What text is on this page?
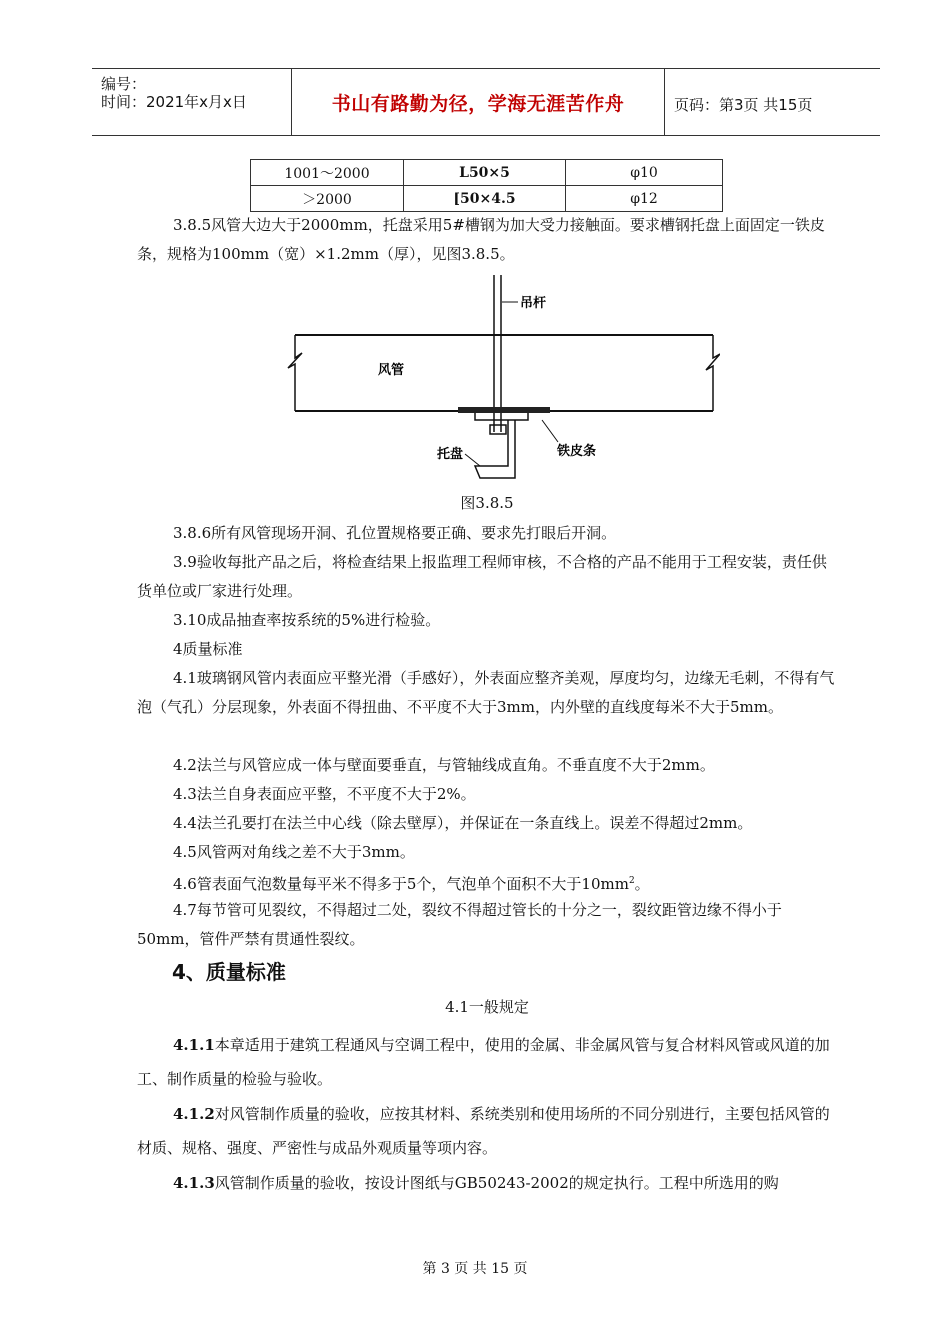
编号：
时间：2021年x月x日	书山有路勤为径，学海无涯苦作舟	页码：第3页 共15页
1001～2000	L50×5	φ10
＞2000	[50×4.5	φ12
3.8.5风管大边大于2000mm，托盘采用5#槽钢为加大受力接触面。要求槽钢托盘上面固定一铁皮条，规格为100mm（宽）×1.2mm（厚），见图3.8.5。
吊杆
风管
托盘	铁皮条
图3.8.5
3.8.6所有风管现场开洞、孔位置规格要正确、要求先打眼后开洞。
3.9验收每批产品之后，将检查结果上报监理工程师审核，不合格的产品不能用于工程安装，责任供货单位或厂家进行处理。
3.10成品抽查率按系统的5%进行检验。
4质量标准
4.1玻璃钢风管内表面应平整光滑（手感好），外表面应整齐美观，厚度均匀，边缘无毛刺，不得有气泡（气孔）分层现象，外表面不得扭曲、不平度不大于3mm，内外壁的直线度每米不大于5mm。
4.2法兰与风管应成一体与壁面要垂直，与管轴线成直角。不垂直度不大于2mm。
4.3法兰自身表面应平整，不平度不大于2%。
4.4法兰孔要打在法兰中心线（除去壁厚），并保证在一条直线上。误差不得超过2mm。
4.5风管两对角线之差不大于3mm。
4.6管表面气泡数量每平米不得多于5个，气泡单个面积不大于$10mm^2$。
4.7每节管可见裂纹，不得超过二处，裂纹不得超过管长的十分之一，裂纹距管边缘不得小于50mm，管件严禁有贯通性裂纹。
4、质量标准
4.1一般规定
4.1.1本章适用于建筑工程通风与空调工程中，使用的金属、非金属风管与复合材料风管或风道的加工、制作质量的检验与验收。
4.1.2对风管制作质量的验收，应按其材料、系统类别和使用场所的不同分别进行，主要包括风管的材质、规格、强度、严密性与成品外观质量等项内容。
4.1.3风管制作质量的验收，按设计图纸与GB50243-2002的规定执行。工程中所选用的购
第 3 页 共 15 页
